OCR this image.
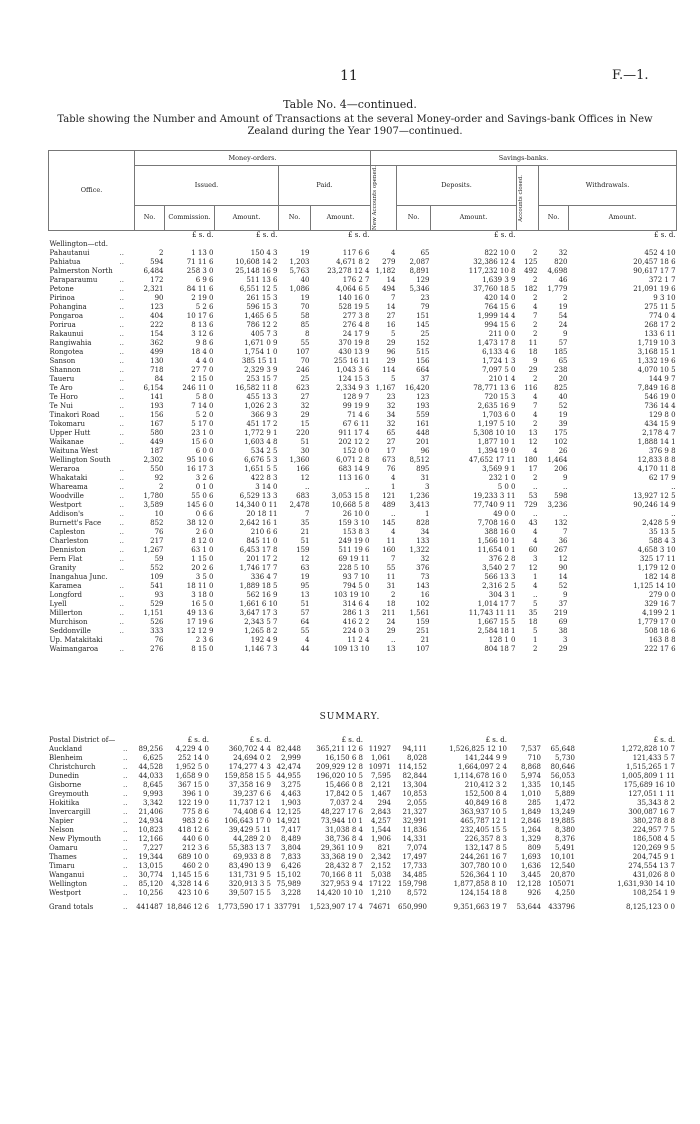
11	F.—1.
Table No. 4—continued.
Table showing the Number and Amount of Transactions at the several Money-order and Savings-bank Offices in New Zealand during the Year 1907—continued.
Office.		Money-orders.					Savings-banks.					
		Issued.			Paid.		New Accounts opened.	Deposits.		Accounts closed.	Withdrawals.	
		No.	Commission.	Amount.	No.	Amount.		No.	Amount.		No.	Amount.
			£ s. d.	£ s. d.		£ s. d.			£ s. d.			£ s. d.
Wellington—ctd.												
Pahautanui	..	2	1 13 0	150 4 3	19	117 6 6	4	65	822 10 0	2	32	452 4 10
Pahiatua	..	594	71 11 6	10,608 14 2	1,203	4,671 8 2	279	2,087	32,386 12 4	125	820	20,457 18 6
Palmerston North		6,484	258 3 0	25,148 16 9	5,763	23,278 12 4	1,182	8,891	117,232 10 8	492	4,698	90,617 17 7
Paraparaumu	..	172	6 9 6	511 13 6	40	176 2 7	14	129	1,639 3 9	2	46	372 1 7
Petone	..	2,321	84 11 6	6,551 12 5	1,086	4,064 6 5	494	5,346	37,760 18 5	182	1,779	21,091 19 6
Pirinoa	..	90	2 19 0	261 15 3	19	140 16 0	7	23	420 14 0	2	2	9 3 10
Pohangina	..	123	5 2 6	596 15 3	70	528 19 5	14	79	764 15 6	4	19	275 11 5
Pongaroa	..	404	10 17 6	1,465 6 5	58	277 3 8	27	151	1,999 14 4	7	54	774 0 4
Porirua	..	222	8 13 6	786 12 2	85	276 4 8	16	145	994 15 6	2	24	268 17 2
Rakaunui	..	154	3 12 6	405 7 3	8	24 17 9	5	25	211 0 0	2	9	133 6 11
Rangiwahia	..	362	9 8 6	1,671 0 9	55	370 19 8	29	152	1,473 17 8	11	57	1,719 10 3
Rongotea	..	499	18 4 0	1,754 1 0	107	430 13 9	96	515	6,133 4 6	18	185	3,168 15 1
Sanson	..	130	4 4 0	385 15 11	70	255 16 11	29	156	1,724 1 3	9	65	1,332 19 6
Shannon	..	718	27 7 0	2,329 3 9	246	1,043 3 6	114	664	7,097 5 0	29	238	4,070 10 5
Taueru	..	84	2 15 0	253 15 7	25	124 15 3	5	37	210 1 4	2	20	144 9 7
Te Aro	..	6,154	246 11 0	16,582 11 8	623	2,334 9 3	1,167	16,420	78,771 13 6	116	825	7,849 16 8
Te Horo	..	141	5 8 0	455 13 3	27	128 9 7	23	123	720 15 3	4	40	546 19 0
Te Nui	..	193	7 14 0	1,026 2 3	32	99 19 9	32	193	2,635 16 9	7	52	736 14 4
Tinakori Road	..	156	5 2 0	366 9 3	29	71 4 6	34	559	1,703 6 0	4	19	129 8 0
Tokomaru	..	167	5 17 0	451 17 2	15	67 6 11	32	161	1,197 5 10	2	39	434 15 9
Upper Hutt	..	580	23 1 0	1,772 9 1	220	911 17 4	65	448	5,308 10 10	13	175	2,178 4 7
Waikanae	..	449	15 6 0	1,603 4 8	51	202 12 2	27	201	1,877 10 1	12	102	1,888 14 1
Waituna West		187	6 0 0	534 2 5	30	152 0 0	17	96	1,394 19 0	4	26	376 9 8
Wellington South		2,302	95 10 6	6,676 5 3	1,360	6,071 2 8	673	8,512	47,652 17 11	180	1,464	12,833 8 8
Weraroa	..	550	16 17 3	1,651 5 5	166	683 14 9	76	895	3,569 9 1	17	206	4,170 11 8
Whakataki	..	92	3 2 6	422 8 3	12	113 16 0	4	31	232 1 0	2	9	62 17 9
Whareama	..	2	0 1 0	3 14 0	..	..	1	3	5 0 0	..	..	..
Woodville	..	1,780	55 0 6	6,529 13 3	683	3,053 15 8	121	1,236	19,233 3 11	53	598	13,927 12 5
Westport	..	3,589	145 6 0	14,340 0 11	2,478	10,668 5 8	489	3,413	77,740 9 11	729	3,236	90,246 14 9
Addison's	..	10	0 6 6	20 18 11	7	26 10 0	..	1	49 0 0	..	..	..
Burnett's Face	..	852	38 12 0	2,642 16 1	35	159 3 10	145	828	7,708 16 0	43	132	2,428 5 9
Capleston	..	76	2 6 0	210 6 6	21	153 8 3	4	34	388 16 0	4	7	35 13 5
Charleston	..	217	8 12 0	845 11 0	51	249 19 0	11	133	1,566 10 1	4	36	588 4 3
Denniston	..	1,267	63 1 0	6,453 17 8	159	511 19 6	160	1,322	11,654 0 1	60	267	4,658 3 10
Fern Flat	..	59	1 15 0	201 17 2	12	69 19 11	7	32	376 2 8	3	12	325 17 11
Granity	..	552	20 2 6	1,746 17 7	63	228 5 10	55	376	3,540 2 7	12	90	1,179 12 0
Inangahua Junc.		109	3 5 0	336 4 7	19	93 7 10	11	73	566 13 3	1	14	182 14 8
Karamea	..	541	18 11 0	1,889 18 5	95	794 5 0	31	143	2,316 2 5	4	52	1,125 14 10
Longford	..	93	3 18 0	562 16 9	13	103 19 10	2	16	304 3 1	..	9	279 0 0
Lyell	..	529	16 5 0	1,661 6 10	51	314 6 4	18	102	1,014 17 7	5	37	329 16 7
Millerton	..	1,151	49 13 6	3,647 17 3	57	286 1 3	211	1,561	11,743 11 11	35	219	4,199 2 1
Murchison	..	526	17 19 6	2,343 5 7	64	416 2 2	24	159	1,667 15 5	18	69	1,779 17 0
Seddonville	..	333	12 12 9	1,265 8 2	55	224 0 3	29	251	2,584 18 1	5	38	508 18 6
Up. Matakitaki		76	2 3 6	192 4 9	4	11 2 4	..	21	128 1 0	1	3	163 8 8
Waimangaroa	..	276	8 15 0	1,146 7 3	44	109 13 10	13	107	804 18 7	2	29	222 17 6
SUMMARY.
Postal District of—			£ s. d.	£ s. d.		£ s. d.			£ s. d.			£ s. d.
Auckland	..	89,256	4,229 4 0	360,702 4 4	82,448	365,211 12 6	11927	94,111	1,526,825 12 10	7,537	65,648	1,272,828 10 7
Blenheim	..	6,625	252 14 0	24,694 0 2	2,999	16,150 6 8	1,061	8,028	141,244 9 9	710	5,730	121,433 5 7
Christchurch	..	44,528	1,952 5 0	174,277 4 3	42,474	209,929 12 8	10971	114,152	1,664,097 2 4	8,868	80,646	1,515,265 1 7
Dunedin	..	44,033	1,658 9 0	159,858 15 5	44,955	196,020 10 5	7,595	82,844	1,114,678 16 0	5,974	56,053	1,005,809 1 11
Gisborne	..	8,645	367 15 0	37,358 16 9	3,275	15,466 0 8	2,121	13,304	210,412 3 2	1,335	10,145	175,689 16 10
Greymouth	..	9,993	396 1 0	39,237 6 6	4,463	17,842 0 5	1,467	10,853	152,500 8 4	1,010	5,889	127,051 1 11
Hokitika	..	3,342	122 19 0	11,737 12 1	1,903	7,037 2 4	294	2,055	40,849 16 8	285	1,472	35,343 8 2
Invercargill	..	21,406	775 8 6	74,408 6 4	12,125	48,227 17 6	2,843	21,327	363,937 10 5	1,849	13,249	300,087 16 7
Napier	..	24,934	983 2 6	106,643 17 0	14,921	73,944 10 1	4,257	32,991	465,787 12 1	2,846	19,885	380,278 8 8
Nelson	..	10,823	418 12 6	39,429 5 11	7,417	31,038 8 4	1,544	11,836	232,405 15 5	1,264	8,380	224,957 7 5
New Plymouth	..	12,166	440 6 0	44,289 2 0	8,489	38,736 8 4	1,906	14,331	226,357 8 3	1,329	8,376	186,508 4 5
Oamaru	..	7,227	212 3 6	55,383 13 7	3,804	29,361 10 9	821	7,074	132,147 8 5	809	5,491	120,269 9 5
Thames	..	19,344	689 10 0	69,933 8 8	7,833	33,368 19 0	2,342	17,497	244,261 16 7	1,693	10,101	204,745 9 1
Timaru	..	13,015	460 2 0	83,490 13 9	6,426	28,432 8 7	2,152	17,733	307,780 10 0	1,636	12,540	274,554 13 7
Wanganui	..	30,774	1,145 15 6	131,731 9 5	15,102	70,166 8 11	5,038	34,485	526,364 1 10	3,445	20,870	431,026 8 0
Wellington	..	85,120	4,328 14 6	320,913 3 5	75,989	327,953 9 4	17122	159,798	1,877,858 8 10	12,128	105071	1,631,930 14 10
Westport	..	10,256	423 10 6	39,507 15 5	3,228	14,420 10 10	1,210	8,572	124,154 18 8	926	4,250	108,254 1 9

Grand totals	..	441487	18,846 12 6	1,773,590 17 1	337791	1,523,907 17 4	74671	650,990	9,351,663 19 7	53,644	433796	8,125,123 0 0
